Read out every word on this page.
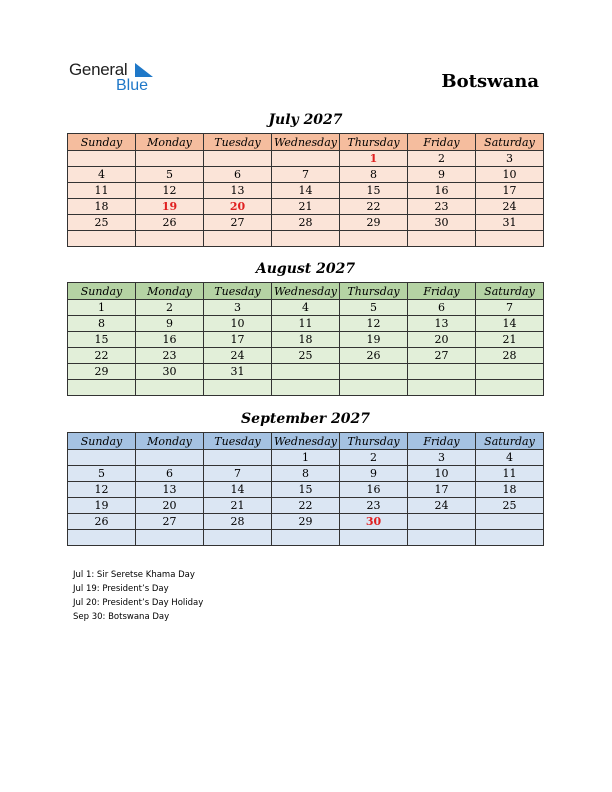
General
Blue	Botswana
July 2027
Sunday	Monday	Tuesday	Wednesday	Thursday	Friday	Saturday
				1	2	3
4	5	6	7	8	9	10
11	12	13	14	15	16	17
18	19	20	21	22	23	24
25	26	27	28	29	30	31

August 2027
Sunday	Monday	Tuesday	Wednesday	Thursday	Friday	Saturday
1	2	3	4	5	6	7
8	9	10	11	12	13	14
15	16	17	18	19	20	21
22	23	24	25	26	27	28
29	30	31				

September 2027
Sunday	Monday	Tuesday	Wednesday	Thursday	Friday	Saturday
			1	2	3	4
5	6	7	8	9	10	11
12	13	14	15	16	17	18
19	20	21	22	23	24	25
26	27	28	29	30		

Jul 1: Sir Seretse Khama Day
Jul 19: President’s Day
Jul 20: President’s Day Holiday
Sep 30: Botswana Day
